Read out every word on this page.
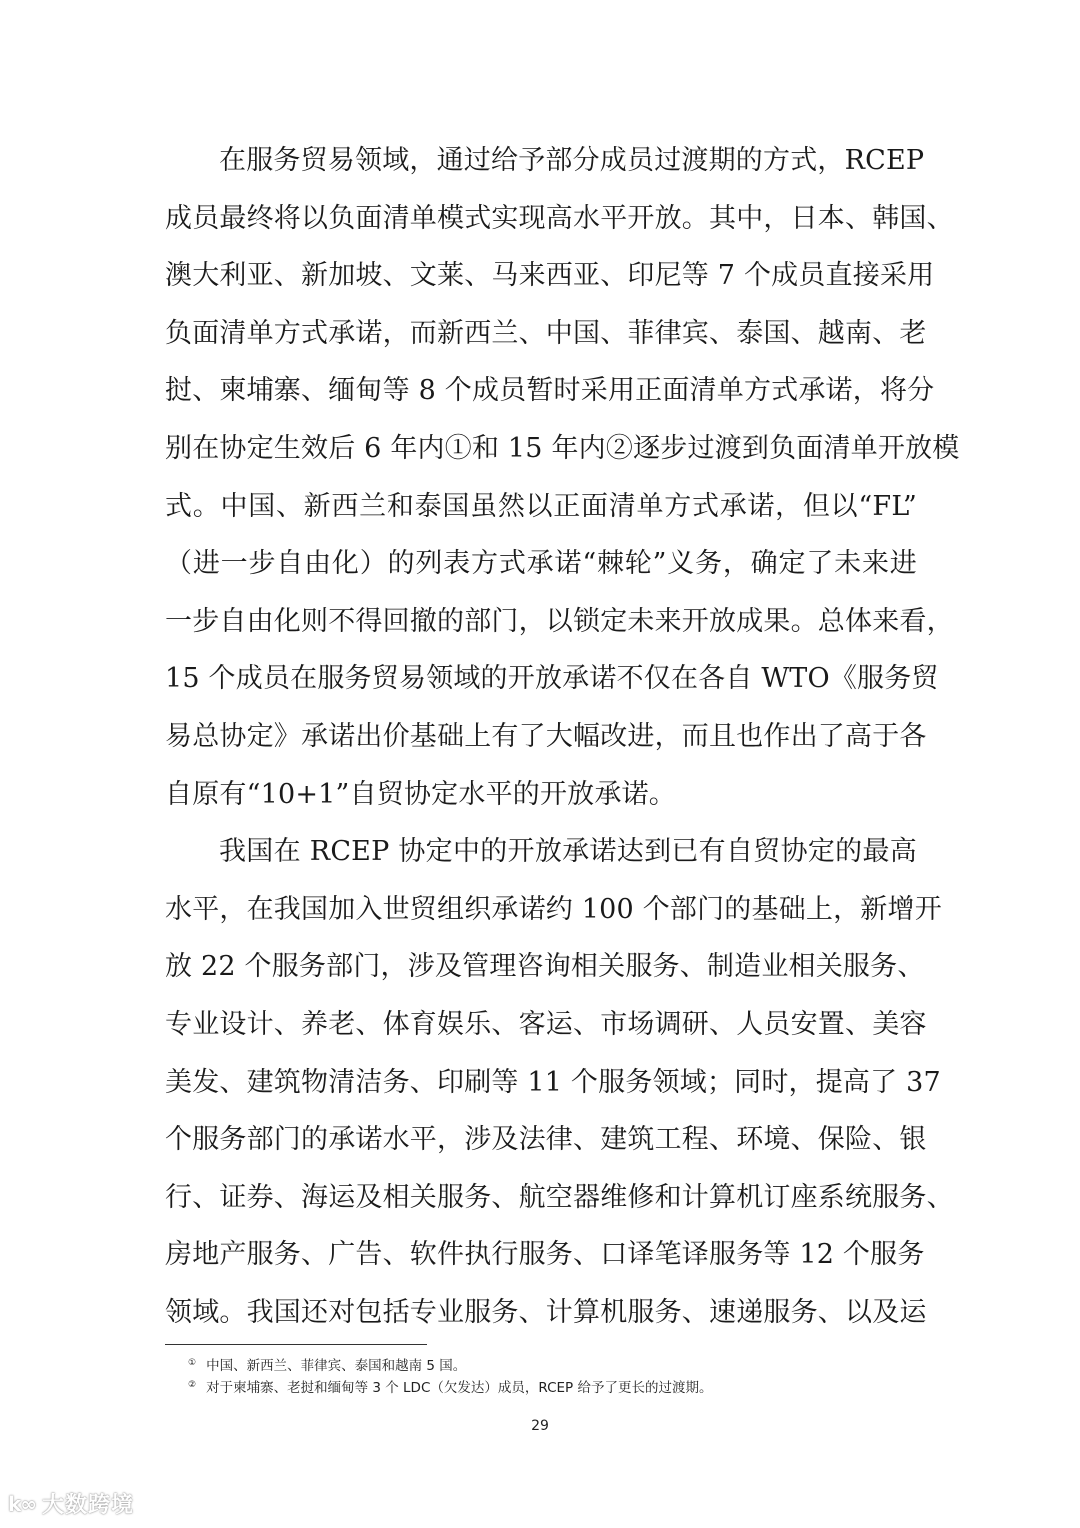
在服务贸易领域，通过给予部分成员过渡期的方式，RCEP
成员最终将以负面清单模式实现高水平开放。其中，日本、韩国、
澳大利亚、新加坡、文莱、马来西亚、印尼等 7 个成员直接采用
负面清单方式承诺，而新西兰、中国、菲律宾、泰国、越南、老
挝、柬埔寨、缅甸等 8 个成员暂时采用正面清单方式承诺，将分
别在协定生效后 6 年内①和 15 年内②逐步过渡到负面清单开放模
式。中国、新西兰和泰国虽然以正面清单方式承诺，但以“FL”
（进一步自由化）的列表方式承诺“棘轮”义务，确定了未来进
一步自由化则不得回撤的部门，以锁定未来开放成果。总体来看，
15 个成员在服务贸易领域的开放承诺不仅在各自 WTO《服务贸
易总协定》承诺出价基础上有了大幅改进，而且也作出了高于各
自原有“10+1”自贸协定水平的开放承诺。
我国在 RCEP 协定中的开放承诺达到已有自贸协定的最高
水平，在我国加入世贸组织承诺约 100 个部门的基础上，新增开
放 22 个服务部门，涉及管理咨询相关服务、制造业相关服务、
专业设计、养老、体育娱乐、客运、市场调研、人员安置、美容
美发、建筑物清洁务、印刷等 11 个服务领域；同时，提高了 37
个服务部门的承诺水平，涉及法律、建筑工程、环境、保险、银
行、证券、海运及相关服务、航空器维修和计算机订座系统服务、
房地产服务、广告、软件执行服务、口译笔译服务等 12 个服务
领域。我国还对包括专业服务、计算机服务、速递服务、以及运
① 中国、新西兰、菲律宾、泰国和越南 5 国。
② 对于柬埔寨、老挝和缅甸等 3 个 LDC（欠发达）成员，RCEP 给予了更长的过渡期。
29
k∞ 大数跨境
